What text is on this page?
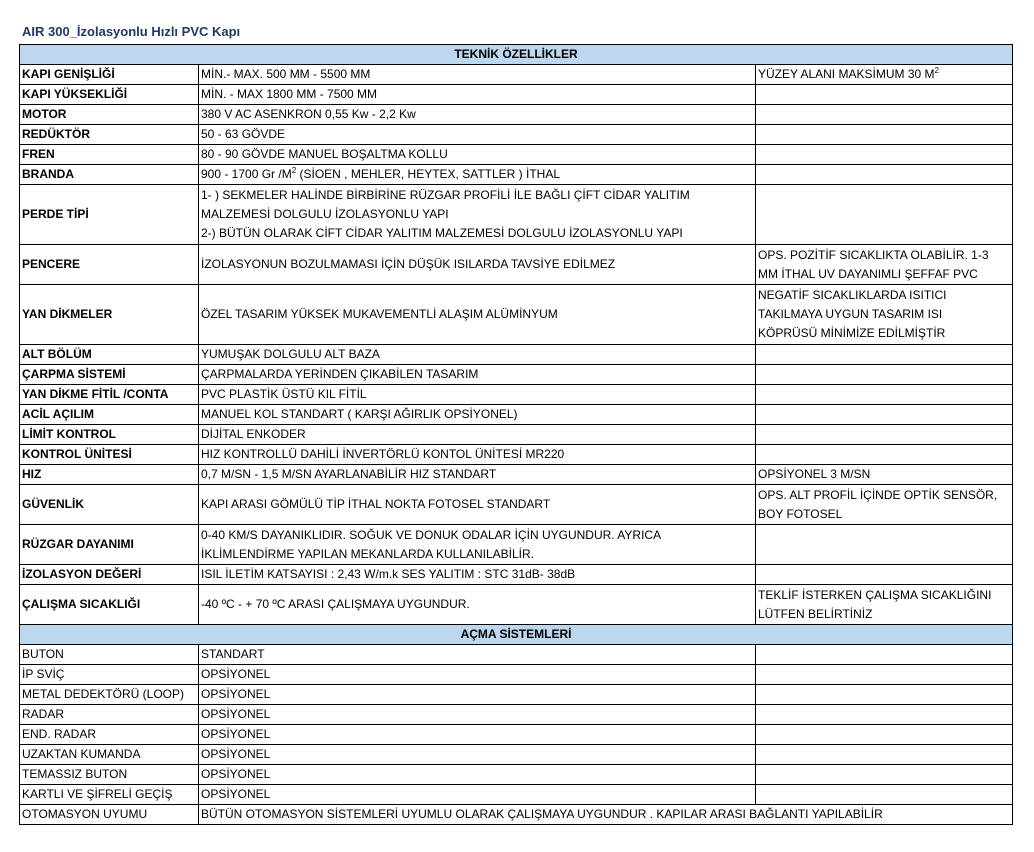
AIR 300_İzolasyonlu Hızlı PVC Kapı
TEKNİK ÖZELLİKLER		
KAPI GENİŞLİĞİ	MİN.- MAX. 500 MM - 5500 MM	YÜZEY ALANI MAKSİMUM 30 $M^2$
KAPI YÜKSEKLİĞİ	MİN. - MAX 1800 MM - 7500 MM	
MOTOR	380 V AC ASENKRON 0,55 Kw - 2,2 Kw	
REDÜKTÖR	50 - 63 GÖVDE	
FREN	80 - 90 GÖVDE MANUEL BOŞALTMA KOLLU	
BRANDA	900 - 1700 Gr $/M^2$ (SİOEN , MEHLER, HEYTEX, SATTLER ) İTHAL	
PERDE TİPİ	1- ) SEKMELER HALİNDE BİRBİRİNE RÜZGAR PROFİLİ İLE BAĞLI ÇİFT CİDAR YALITIM
MALZEMESİ DOLGULU İZOLASYONLU YAPI
2-) BÜTÜN OLARAK CİFT CİDAR YALITIM MALZEMESİ DOLGULU İZOLASYONLU YAPI	

PENCERE	İZOLASYONUN BOZULMAMASI İÇİN DÜŞÜK ISILARDA TAVSİYE EDİLMEZ	OPS. POZİTİF SICAKLIKTA OLABİLİR. 1-3
MM İTHAL UV DAYANIMLI ŞEFFAF PVC

YAN DİKMELER	ÖZEL TASARIM YÜKSEK MUKAVEMENTLİ ALAŞIM ALÜMİNYUM	NEGATİF SICAKLIKLARDA ISITICI
TAKILMAYA UYGUN TASARIM ISI
KÖPRÜSÜ MİNİMİZE EDİLMİŞTİR

ALT BÖLÜM	YUMUŞAK DOLGULU ALT BAZA	
ÇARPMA SİSTEMİ	ÇARPMALARDA YERİNDEN ÇIKABİLEN TASARIM	
YAN DİKME FİTİL /CONTA	PVC PLASTİK ÜSTÜ KIL FİTİL	
ACİL AÇILIM	MANUEL KOL STANDART ( KARŞI AĞIRLIK OPSİYONEL)	
LİMİT KONTROL	DİJİTAL ENKODER	
KONTROL ÜNİTESİ	HIZ KONTROLLÜ DAHİLİ İNVERTÖRLÜ KONTOL ÜNİTESİ MR220	
HIZ	0,7 M/SN - 1,5 M/SN AYARLANABİLİR HIZ STANDART	OPSİYONEL 3 M/SN
GÜVENLİK	KAPI ARASI GÖMÜLÜ TİP İTHAL NOKTA FOTOSEL STANDART	OPS. ALT PROFİL İÇİNDE OPTİK SENSÖR,
BOY FOTOSEL

RÜZGAR DAYANIMI	0-40 KM/S DAYANIKLIDIR. SOĞUK VE DONUK ODALAR İÇİN UYGUNDUR. AYRICA
İKLİMLENDİRME YAPILAN MEKANLARDA KULLANILABİLİR.	

İZOLASYON DEĞERİ	ISIL İLETİM KATSAYISI : 2,43 W/m.k SES YALITIM : STC 31dB- 38dB	
ÇALIŞMA SICAKLIĞI	-40 ºC - + 70 ºC ARASI ÇALIŞMAYA UYGUNDUR.	TEKLİF İSTERKEN ÇALIŞMA SICAKLIĞINI
LÜTFEN BELİRTİNİZ

AÇMA SİSTEMLERİ		
BUTON	STANDART	
İP SVİÇ	OPSİYONEL	
METAL DEDEKTÖRÜ (LOOP)	OPSİYONEL	
RADAR	OPSİYONEL	
END. RADAR	OPSİYONEL	
UZAKTAN KUMANDA	OPSİYONEL	
TEMASSIZ BUTON	OPSİYONEL	
KARTLI VE ŞİFRELİ GEÇİŞ	OPSİYONEL	
OTOMASYON UYUMU	BÜTÜN OTOMASYON SİSTEMLERİ UYUMLU OLARAK ÇALIŞMAYA UYGUNDUR . KAPILAR ARASI BAĞLANTI YAPILABİLİR	
